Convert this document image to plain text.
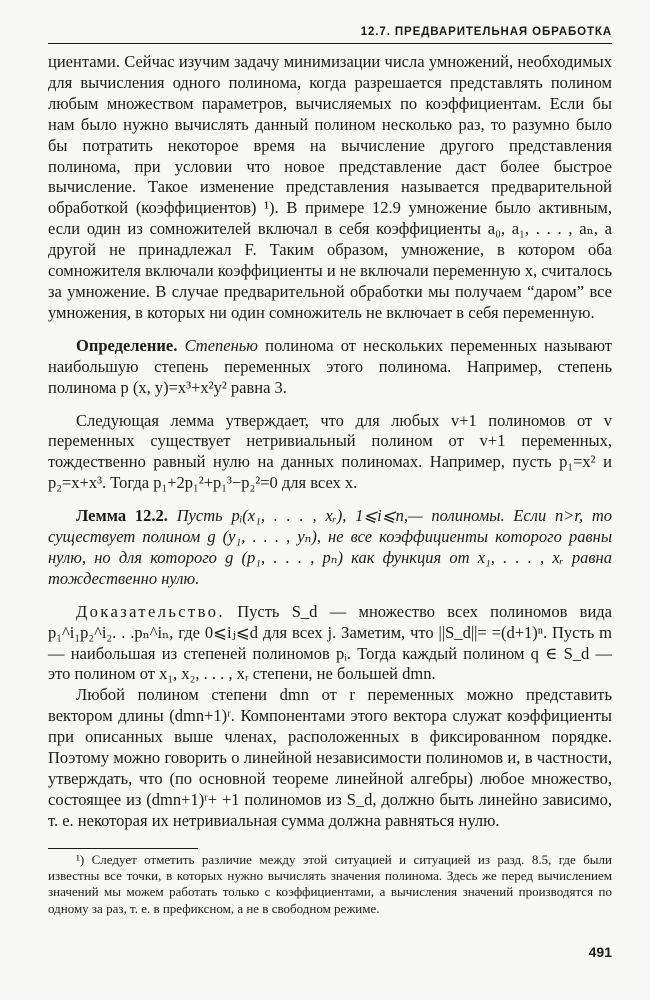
12.7. ПРЕДВАРИТЕЛЬНАЯ ОБРАБОТКА

циентами. Сейчас изучим задачу минимизации числа умножений, необходимых для вычисления одного полинома, когда разрешается представлять полином любым множеством параметров, вычисляемых по коэффициентам. Если бы нам было нужно вычислять данный полином несколько раз, то разумно было бы потратить некоторое время на вычисление другого представления полинома, при условии что новое представление даст более быстрое вычисление. Такое изменение представления называется предварительной обработкой (коэффициентов) ¹). В примере 12.9 умножение было активным, если один из сомножителей включал в себя коэффициенты a₀, a₁, . . . , aₙ, а другой не принадлежал F. Таким образом, умножение, в котором оба сомножителя включали коэффициенты и не включали переменную x, считалось за умножение. В случае предварительной обработки мы получаем “даром” все умножения, в которых ни один сомножитель не включает в себя переменную.

Определение. Степенью полинома от нескольких переменных называют наибольшую степень переменных этого полинома. Например, степень полинома p (x, y)=x³+x²y² равна 3.

Следующая лемма утверждает, что для любых v+1 полиномов от v переменных существует нетривиальный полином от v+1 переменных, тождественно равный нулю на данных полиномах. Например, пусть p₁=x² и p₂=x+x³. Тогда p₁+2p₁²+p₁³−p₂²=0 для всех x.

Лемма 12.2. Пусть pᵢ(x₁, . . . , xᵣ), 1⩽i⩽n,— полиномы. Если n>r, то существует полином g (y₁, . . . , yₙ), не все коэффициенты которого равны нулю, но для которого g (p₁, . . . , pₙ) как функция от x₁, . . . , xᵣ равна тождественно нулю.

Доказательство. Пусть S_d — множество всех полиномов вида p₁^i₁p₂^i₂. . .pₙ^iₙ, где 0⩽iⱼ⩽d для всех j. Заметим, что ||S_d||= =(d+1)ⁿ. Пусть m — наибольшая из степеней полиномов pᵢ. Тогда каждый полином q ∈ S_d — это полином от x₁, x₂, . . . , xᵣ степени, не большей dmn.

Любой полином степени dmn от r переменных можно представить вектором длины (dmn+1)ʳ. Компонентами этого вектора служат коэффициенты при описанных выше членах, расположенных в фиксированном порядке. Поэтому можно говорить о линейной независимости полиномов и, в частности, утверждать, что (по основной теореме линейной алгебры) любое множество, состоящее из (dmn+1)ʳ+ +1 полиномов из S_d, должно быть линейно зависимо, т. е. некоторая их нетривиальная сумма должна равняться нулю.

¹) Следует отметить различие между этой ситуацией и ситуацией из разд. 8.5, где были известны все точки, в которых нужно вычислять значения полинома. Здесь же перед вычислением значений мы можем работать только с коэффициентами, а вычисления значений производятся по одному за раз, т. е. в префиксном, а не в свободном режиме.

491
